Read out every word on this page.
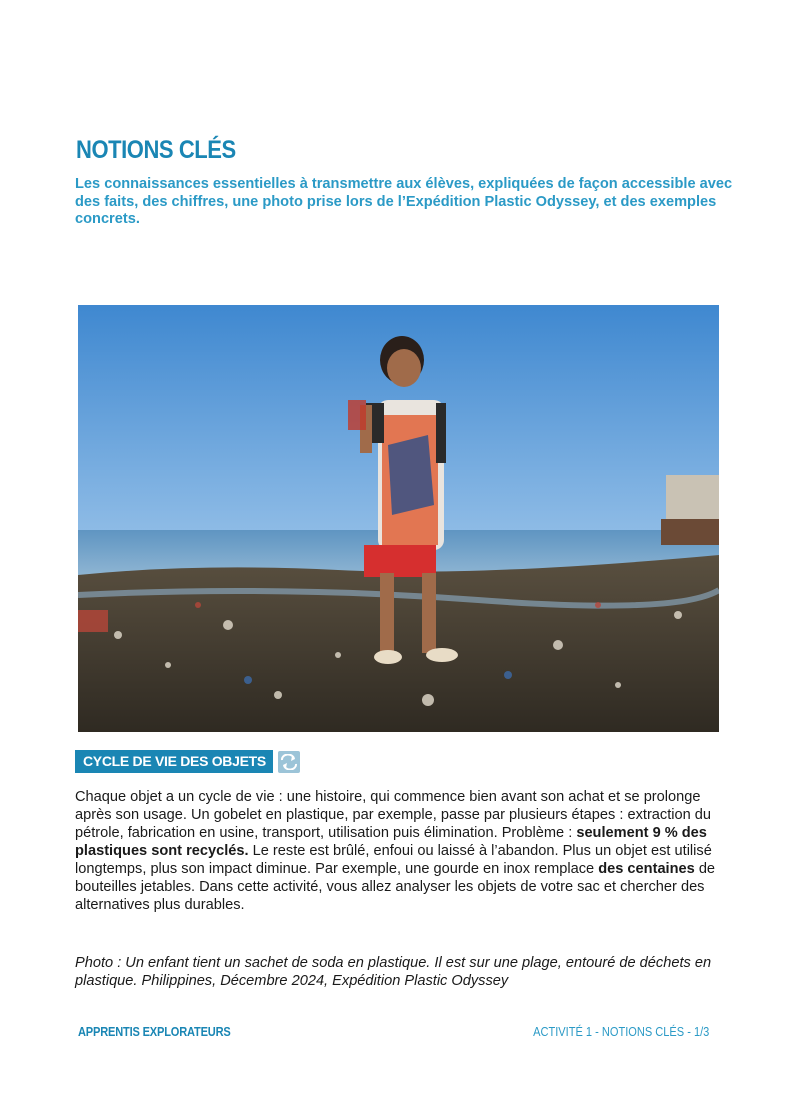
NOTIONS CLÉS
Les connaissances essentielles à transmettre aux élèves, expliquées de façon accessible avec des faits, des chiffres, une photo prise lors de l’Expédition Plastic Odyssey, et des exemples concrets.
CYCLE DE VIE DES OBJETS
Chaque objet a un cycle de vie : une histoire, qui commence bien avant son achat et se prolonge après son usage. Un gobelet en plastique, par exemple, passe par plusieurs étapes : extraction du pétrole, fabrication en usine, transport, utilisation puis élimination. Problème : seulement 9 % des plastiques sont recyclés. Le reste est brûlé, enfoui ou laissé à l’abandon. Plus un objet est utilisé longtemps, plus son impact diminue. Par exemple, une gourde en inox remplace des centaines de bouteilles jetables. Dans cette activité, vous allez analyser les objets de votre sac et chercher des alternatives plus durables.
Photo : Un enfant tient un sachet de soda en plastique. Il est sur une plage, entouré de déchets en plastique. Philippines, Décembre 2024, Expédition Plastic Odyssey
APPRENTIS EXPLORATEURS	ACTIVITÉ 1 - NOTIONS CLÉS - 1/3
